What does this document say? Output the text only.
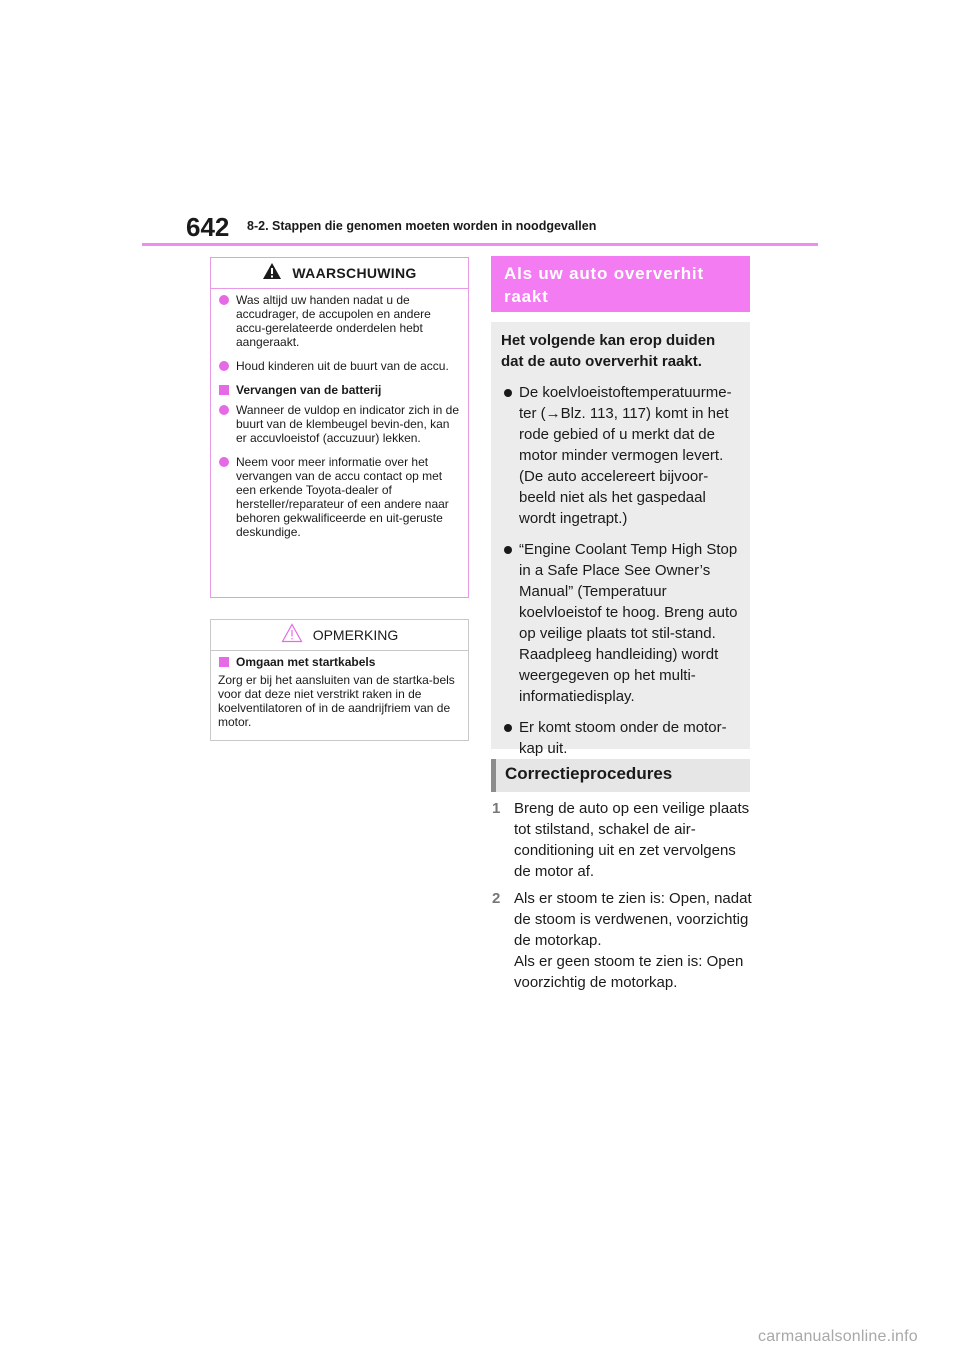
642 8-2. Stappen die genomen moeten worden in noodgevallen
WAARSCHUWING
Was altijd uw handen nadat u de accudrager, de accupolen en andere accu-gerelateerde onderdelen hebt aangeraakt.
Houd kinderen uit de buurt van de accu.
Vervangen van de batterij
Wanneer de vuldop en indicator zich in de buurt van de klembeugel bevin-den, kan er accuvloeistof (accuzuur) lekken.
Neem voor meer informatie over het vervangen van de accu contact op met een erkende Toyota-dealer of hersteller/reparateur of een andere naar behoren gekwalificeerde en uit-geruste deskundige.
OPMERKING
Omgaan met startkabels
Zorg er bij het aansluiten van de startka-bels voor dat deze niet verstrikt raken in de koelventilatoren of in de aandrijfriem van de motor.
Als uw auto oververhit raakt
Het volgende kan erop duiden dat de auto oververhit raakt.
De koelvloeistoftemperatuurme-ter (→Blz. 113, 117) komt in het rode gebied of u merkt dat de motor minder vermogen levert. (De auto accelereert bijvoor-beeld niet als het gaspedaal wordt ingetrapt.)
“Engine Coolant Temp High Stop in a Safe Place See Owner’s Manual” (Temperatuur koelvloeistof te hoog. Breng auto op veilige plaats tot stil-stand. Raadpleeg handleiding) wordt weergegeven op het multi-informatiedisplay.
Er komt stoom onder de motor-kap uit.
Correctieprocedures
1 Breng de auto op een veilige plaats tot stilstand, schakel de air-conditioning uit en zet vervolgens de motor af.
2 Als er stoom te zien is: Open, nadat de stoom is verdwenen, voorzichtig de motorkap.
Als er geen stoom te zien is: Open voorzichtig de motorkap.
carmanualsonline.info
